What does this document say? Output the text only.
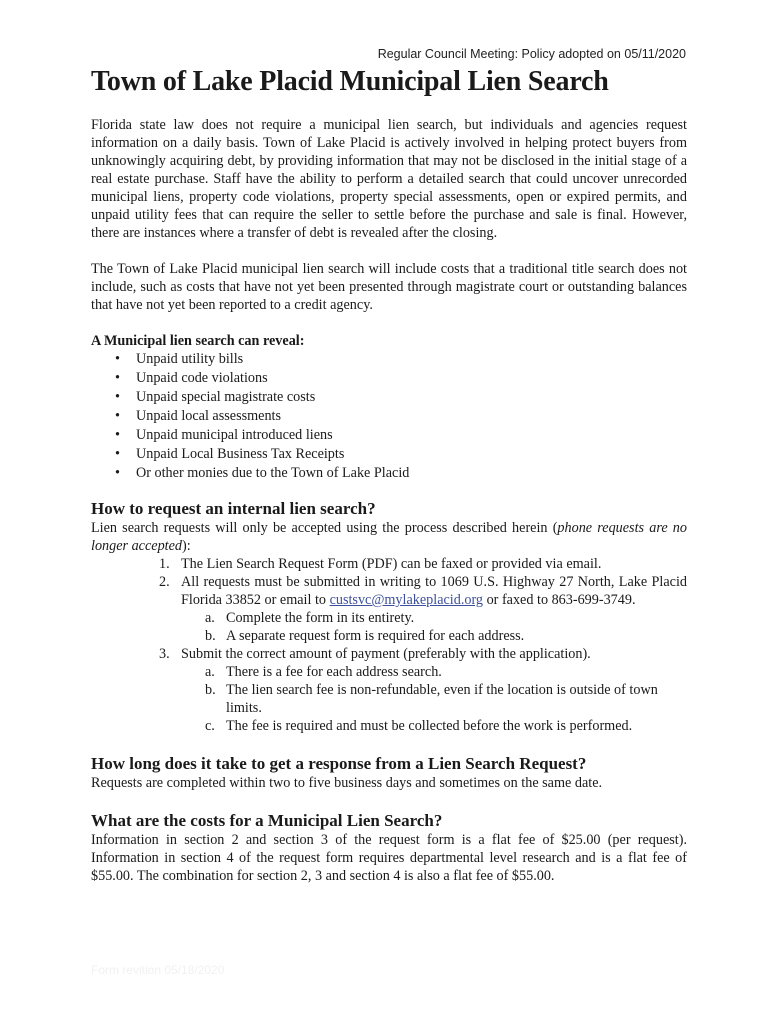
Regular Council Meeting: Policy adopted on 05/11/2020
Town of Lake Placid Municipal Lien Search

Florida state law does not require a municipal lien search, but individuals and agencies request information on a daily basis. Town of Lake Placid is actively involved in helping protect buyers from unknowingly acquiring debt, by providing information that may not be disclosed in the initial stage of a real estate purchase. Staff have the ability to perform a detailed search that could uncover unrecorded municipal liens, property code violations, property special assessments, open or expired permits, and unpaid utility fees that can require the seller to settle before the purchase and sale is final. However, there are instances where a transfer of debt is revealed after the closing.

The Town of Lake Placid municipal lien search will include costs that a traditional title search does not include, such as costs that have not yet been presented through magistrate court or outstanding balances that have not yet been reported to a credit agency.

A Municipal lien search can reveal:
• Unpaid utility bills
• Unpaid code violations
• Unpaid special magistrate costs
• Unpaid local assessments
• Unpaid municipal introduced liens
• Unpaid Local Business Tax Receipts
• Or other monies due to the Town of Lake Placid
How to request an internal lien search?

Lien search requests will only be accepted using the process described herein (phone requests are no longer accepted):

1. The Lien Search Request Form (PDF) can be faxed or provided via email.
2. All requests must be submitted in writing to 1069 U.S. Highway 27 North, Lake Placid Florida 33852 or email to custsvc@mylakeplacid.org or faxed to 863-699-3749.
a. Complete the form in its entirety.
b. A separate request form is required for each address.
3. Submit the correct amount of payment (preferably with the application).
a. There is a fee for each address search.
b. The lien search fee is non-refundable, even if the location is outside of town limits.
c. The fee is required and must be collected before the work is performed.
How long does it take to get a response from a Lien Search Request?

Requests are completed within two to five business days and sometimes on the same date.

What are the costs for a Municipal Lien Search?

Information in section 2 and section 3 of the request form is a flat fee of $25.00 (per request). Information in section 4 of the request form requires departmental level research and is a flat fee of $55.00. The combination for section 2, 3 and section 4 is also a flat fee of $55.00.

Form revition 05/18/2020
